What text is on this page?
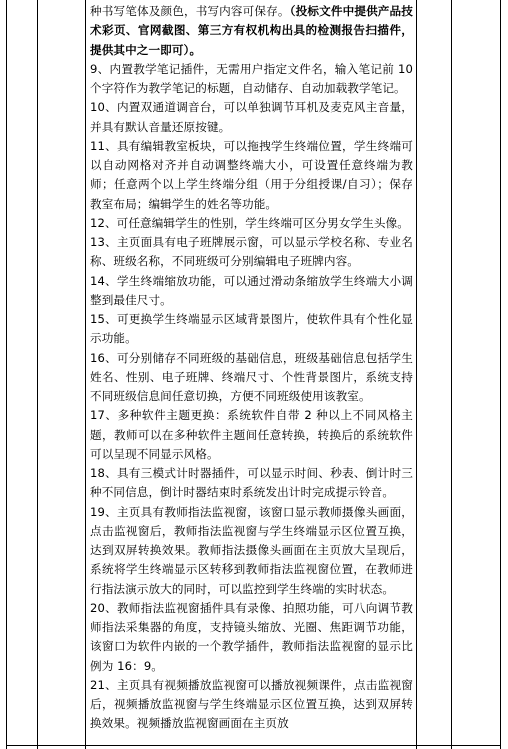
种书写笔体及颜色，书写内容可保存。（投标文件中提供产品技术彩页、官网截图、第三方有权机构出具的检测报告扫描件，提供其中之一即可）。

9、内置教学笔记插件，无需用户指定文件名，输入笔记前 10 个字符作为教学笔记的标题，自动储存、自动加载教学笔记。

10、内置双通道调音台，可以单独调节耳机及麦克风主音量，并具有默认音量还原按键。

11、具有编辑教室板块，可以拖拽学生终端位置，学生终端可以自动网格对齐并自动调整终端大小，可设置任意终端为教师；任意两个以上学生终端分组（用于分组授课/自习）；保存教室布局；编辑学生的姓名等功能。

12、可任意编辑学生的性别，学生终端可区分男女学生头像。

13、主页面具有电子班牌展示窗，可以显示学校名称、专业名称、班级名称，不同班级可分别编辑电子班牌内容。

14、学生终端缩放功能，可以通过滑动条缩放学生终端大小调整到最佳尺寸。

15、可更换学生终端显示区域背景图片，使软件具有个性化显示功能。

16、可分别储存不同班级的基础信息，班级基础信息包括学生姓名、性别、电子班牌、终端尺寸、个性背景图片，系统支持不同班级信息间任意切换，方便不同班级使用该教室。

17、多种软件主题更换：系统软件自带 2 种以上不同风格主题，教师可以在多种软件主题间任意转换，转换后的系统软件可以呈现不同显示风格。

18、具有三模式计时器插件，可以显示时间、秒表、倒计时三种不同信息，倒计时器结束时系统发出计时完成提示铃音。

19、主页具有教师指法监视窗，该窗口显示教师摄像头画面，点击监视窗后，教师指法监视窗与学生终端显示区位置互换，达到双屏转换效果。教师指法摄像头画面在主页放大呈现后，系统将学生终端显示区转移到教师指法监视窗位置，在教师进行指法演示放大的同时，可以监控到学生终端的实时状态。

20、教师指法监视窗插件具有录像、拍照功能，可八向调节教师指法采集器的角度，支持镜头缩放、光圈、焦距调节功能，该窗口为软件内嵌的一个教学插件，教师指法监视窗的显示比例为 16：9。

21、主页具有视频播放监视窗可以播放视频课件，点击监视窗后，视频播放监视窗与学生终端显示区位置互换，达到双屏转换效果。视频播放监视窗画面在主页放
